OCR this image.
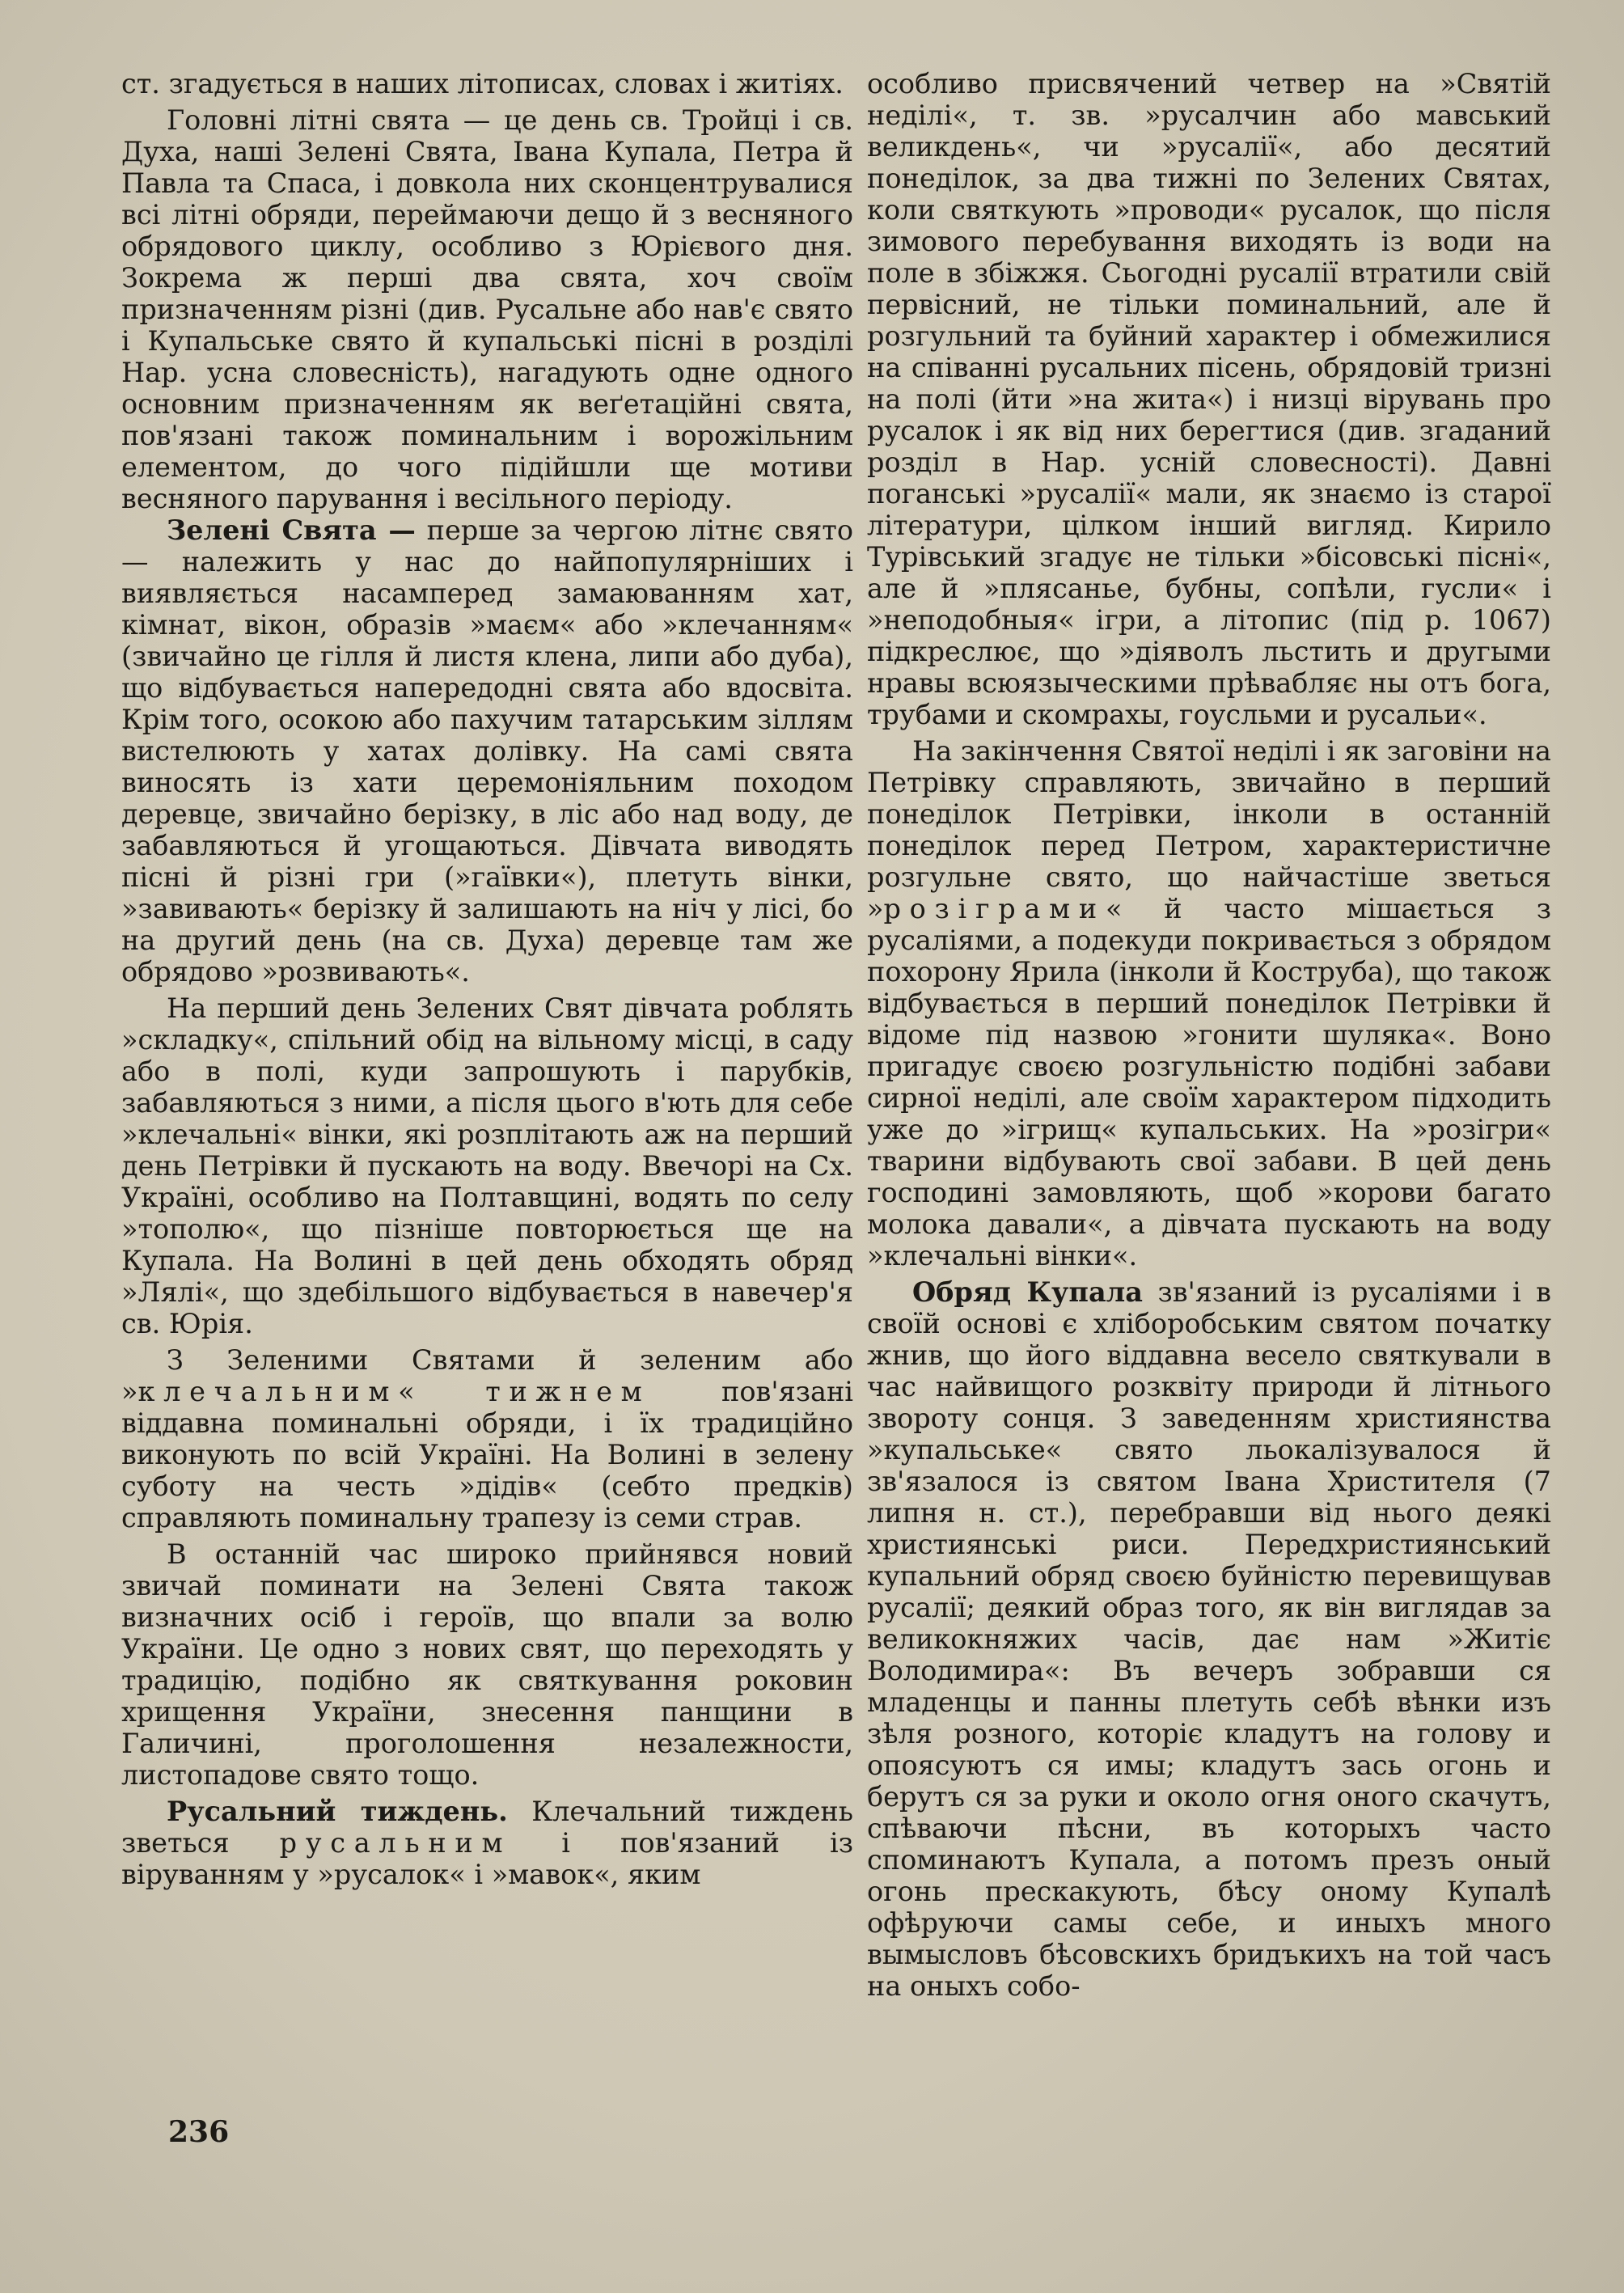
ст. згадується в наших літописах, словах і житіях.

Головні літні свята — це день св. Тройці і св. Духа, наші Зелені Свята, Івана Купала, Петра й Павла та Спаса, і довкола них сконцентрувалися всі літні обряди, переймаючи дещо й з весняного обрядового циклу, особливо з Юрієвого дня. Зокрема ж перші два свята, хоч своїм призначенням різні (див. Русальне або нав'є свято і Купальське свято й купальські пісні в розділі Нар. усна словесність), нагадують одне одного основним призначенням як веґетаційні свята, пов'язані також поминальним і ворожільним елементом, до чого підійшли ще мотиви весняного парування і весільного періоду.

Зелені Свята — перше за чергою літнє свято — належить у нас до найпопулярніших і виявляється насамперед замаюванням хат, кімнат, вікон, образів »маєм« або »клечанням« (звичайно це гілля й листя клена, липи або дуба), що відбувається напередодні свята або вдосвіта. Крім того, осокою або пахучим татарським зіллям вистелюють у хатах долівку. На самі свята виносять із хати церемоніяльним походом деревце, звичайно берізку, в ліс або над воду, де забавляються й угощаються. Дівчата виводять пісні й різні гри (»гаївки«), плетуть вінки, »завивають« берізку й залишають на ніч у лісі, бо на другий день (на св. Духа) деревце там же обрядово »розвивають«.

На перший день Зелених Свят дівчата роблять »складку«, спільний обід на вільному місці, в саду або в полі, куди запрошують і парубків, забавляються з ними, а після цього в'ють для себе »клечальні« вінки, які розплітають аж на перший день Петрівки й пускають на воду. Ввечорі на Сх. Україні, особливо на Полтавщині, водять по селу »тополю«, що пізніше повторюється ще на Купала. На Волині в цей день обходять обряд »Лялі«, що здебільшого відбувається в навечер'я св. Юрія.

З Зеленими Святами й зеленим або »клечальним« тижнем пов'язані віддавна поминальні обряди, і їх традиційно виконують по всій Україні. На Волині в зелену суботу на честь »дідів« (себто предків) справляють поминальну трапезу із семи страв.

В останній час широко прийнявся новий звичай поминати на Зелені Свята також визначних осіб і героїв, що впали за волю України. Це одно з нових свят, що переходять у традицію, подібно як святкування роковин хрищення України, знесення панщини в Галичині, проголошення незалежности, листопадове свято тощо.

Русальний тиждень. Клечальний тиждень зветься русальним і пов'язаний із віруванням у »русалок« і »мавок«, яким

особливо присвячений четвер на »Святій неділі«, т. зв. »русалчин або мавський великдень«, чи »русалії«, або десятий понеділок, за два тижні по Зелених Святах, коли святкують »проводи« русалок, що після зимового перебування виходять із води на поле в збіжжя. Сьогодні русалії втратили свій первісний, не тільки поминальний, але й розгульний та буйний характер і обмежилися на співанні русальних пісень, обрядовій тризні на полі (йти »на жита«) і низці вірувань про русалок і як від них берегтися (див. згаданий розділ в Нар. усній словесності). Давні поганські »русалії« мали, як знаємо із старої літератури, цілком інший вигляд. Кирило Турівський згадує не тільки »бісовські пісні«, але й »плясанье, бубны, сопѣли, гусли« і »неподобныя« ігри, а літопис (під р. 1067) підкреслює, що »діяволъ льстить и другыми нравы всюязыческими прѣвабляє ны отъ бога, трубами и скомрахы, гоусльми и русальи«.

На закінчення Святої неділі і як заговіни на Петрівку справляють, звичайно в перший понеділок Петрівки, інколи в останній понеділок перед Петром, характеристичне розгульне свято, що найчастіше зветься »розіграми« й часто мішається з русаліями, а подекуди покривається з обрядом похорону Ярила (інколи й Коструба), що також відбувається в перший понеділок Петрівки й відоме під назвою »гонити шуляка«. Воно пригадує своєю розгульністю подібні забави сирної неділі, але своїм характером підходить уже до »ігрищ« купальських. На »розігри« тварини відбувають свої забави. В цей день господині замовляють, щоб »корови багато молока давали«, а дівчата пускають на воду »клечальні вінки«.

Обряд Купала зв'язаний із русаліями і в своїй основі є хліборобським святом початку жнив, що його віддавна весело святкували в час найвищого розквіту природи й літнього звороту сонця. З заведенням християнства »купальське« свято льокалізувалося й зв'язалося із святом Івана Христителя (7 липня н. ст.), перебравши від нього деякі християнські риси. Передхристиянський купальний обряд своєю буйністю перевищував русалії; деякий образ того, як він виглядав за великокняжих часів, дає нам »Житіє Володимира«: Въ вечеръ зобравши ся младенцы и панны плетуть себѣ вѣнки изъ зѣля розного, которіє кладутъ на голову и опоясуютъ ся имы; кладутъ зась огонь и берутъ ся за руки и около огня оного скачутъ, спѣваючи пѣсни, въ которыхъ часто споминаютъ Купала, а потомъ презъ оный огонь прескакують, бѣсу оному Купалѣ офѣруючи самы себе, и иныхъ много вымысловъ бѣсовскихъ бридъкихъ на той часъ на оныхъ собо-

236
